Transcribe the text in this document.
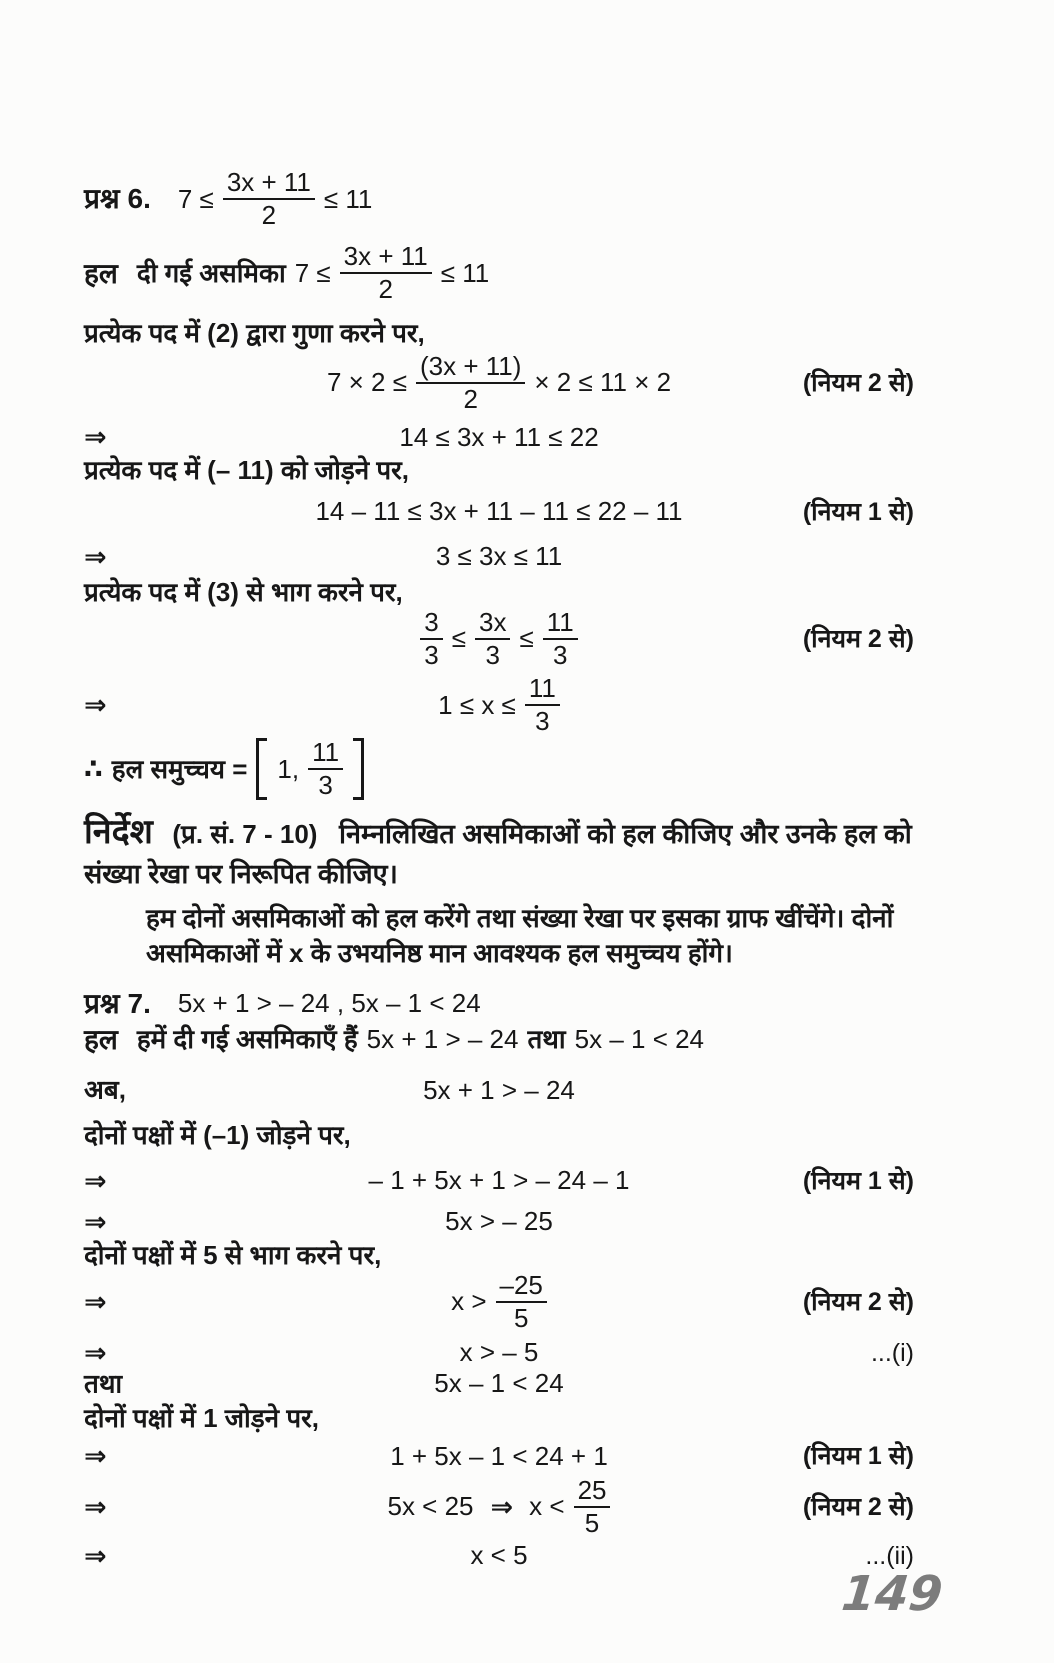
प्रश्न 6. $7 \le \frac{3x + 11}{2} \le 11$
हल दी गई असमिका $7 \le \frac{3x + 11}{2} \le 11$
प्रत्येक पद में (2) द्वारा गुणा करने पर,
$7 \times 2 \le \frac{(3x + 11)}{2} \times 2 \le 11 \times 2$	(नियम 2 से)
⇒	14 ≤ 3x + 11 ≤ 22
प्रत्येक पद में (– 11) को जोड़ने पर,
14 – 11 ≤ 3x + 11 – 11 ≤ 22 – 11	(नियम 1 से)
⇒	3 ≤ 3x ≤ 11
प्रत्येक पद में (3) से भाग करने पर,
$\frac{3}{3} \le \frac{3x}{3} \le \frac{11}{3}$	(नियम 2 से)
⇒	$1 \le x \le \frac{11}{3}$
∴ हल समुच्चय = 1, $\frac{11}{3}$
निर्देश (प्र. सं. 7 - 10) निम्नलिखित असमिकाओं को हल कीजिए और उनके हल को संख्या रेखा पर निरूपित कीजिए।
हम दोनों असमिकाओं को हल करेंगे तथा संख्या रेखा पर इसका ग्राफ खींचेंगे। दोनों असमिकाओं में x के उभयनिष्ठ मान आवश्यक हल समुच्चय होंगे।
प्रश्न 7. 5x + 1 > – 24 , 5x – 1 < 24
हल हमें दी गई असमिकाएँ हैं 5x + 1 > – 24 तथा 5x – 1 < 24
अब,	5x + 1 > – 24
दोनों पक्षों में (–1) जोड़ने पर,
⇒	– 1 + 5x + 1 > – 24 – 1	(नियम 1 से)
⇒	5x > – 25
दोनों पक्षों में 5 से भाग करने पर,
⇒	$x > \frac{-25}{5}$	(नियम 2 से)
⇒	x > – 5	...(i)
तथा	5x – 1 < 24
दोनों पक्षों में 1 जोड़ने पर,
⇒	1 + 5x – 1 < 24 + 1	(नियम 1 से)
⇒	5x < 25 ⇒ $x < \frac{25}{5}$	(नियम 2 से)
⇒	x < 5	...(ii)
149
